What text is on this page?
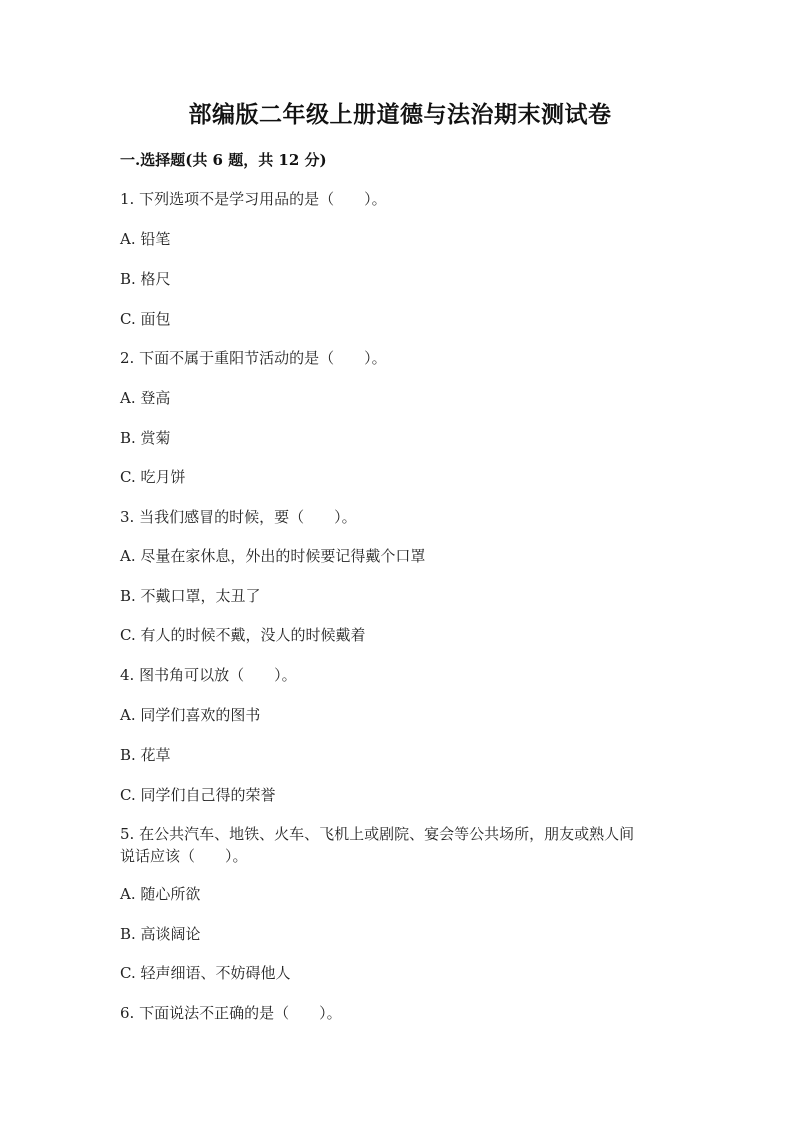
部编版二年级上册道德与法治期末测试卷
一.选择题(共 6 题，共 12 分)
1. 下列选项不是学习用品的是（　　）。
A. 铅笔
B. 格尺
C. 面包
2. 下面不属于重阳节活动的是（　　）。
A. 登高
B. 赏菊
C. 吃月饼
3. 当我们感冒的时候，要（　　）。
A. 尽量在家休息，外出的时候要记得戴个口罩
B. 不戴口罩，太丑了
C. 有人的时候不戴，没人的时候戴着
4. 图书角可以放（　　）。
A. 同学们喜欢的图书
B. 花草
C. 同学们自己得的荣誉
5. 在公共汽车、地铁、火车、飞机上或剧院、宴会等公共场所，朋友或熟人间
说话应该（　　）。
A. 随心所欲
B. 高谈阔论
C. 轻声细语、不妨碍他人
6. 下面说法不正确的是（　　）。
